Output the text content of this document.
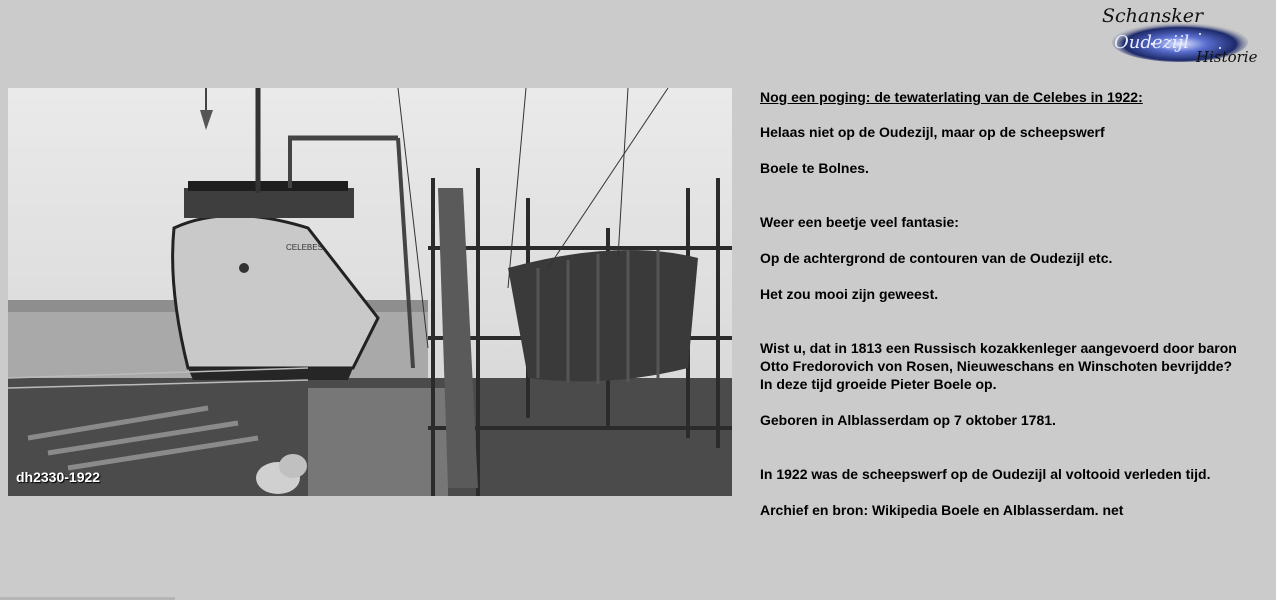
Schansker
Oudezijl
Historie
CELEBES
dh2330-1922

Nog een poging: de tewaterlating van de Celebes in 1922:

Helaas niet op de Oudezijl, maar op de scheepswerf

Boele te Bolnes.

Weer een beetje veel fantasie:

Op de achtergrond de contouren van de Oudezijl etc.

Het zou mooi zijn geweest.

Wist u, dat in 1813 een Russisch kozakkenleger aangevoerd door baron

Otto Fredorovich von Rosen, Nieuweschans en Winschoten bevrijdde?

In deze tijd groeide Pieter Boele op.

Geboren in Alblasserdam op 7 oktober 1781.

In 1922 was de scheepswerf op de Oudezijl al voltooid verleden tijd.

Archief en bron: Wikipedia Boele en Alblasserdam. net
